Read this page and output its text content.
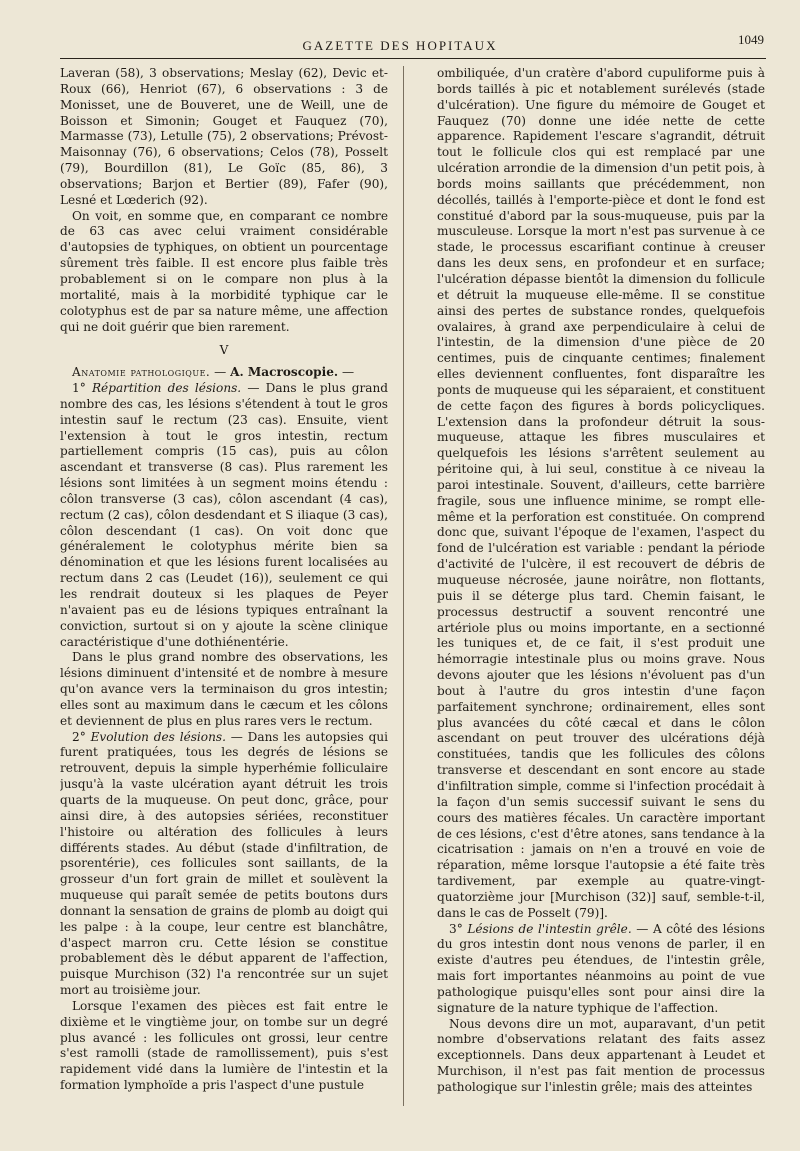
GAZETTE DES HOPITAUX	1049

Laveran (58), 3 observations; Meslay (62), Devic et-Roux (66), Henriot (67), 6 observations : 3 de Monisset, une de Bouveret, une de Weill, une de Boisson et Simonin; Gouget et Fauquez (70), Marmasse (73), Letulle (75), 2 observations; Prévost-Maisonnay (76), 6 observations; Celos (78), Posselt (79), Bourdillon (81), Le Goïc (85, 86), 3 observations; Barjon et Bertier (89), Fafer (90), Lesné et Lœderich (92).

On voit, en somme que, en comparant ce nombre de 63 cas avec celui vraiment considérable d'autopsies de typhiques, on obtient un pourcentage sûrement très faible. Il est encore plus faible très probablement si on le compare non plus à la mortalité, mais à la morbidité typhique car le colotyphus est de par sa nature même, une affection qui ne doit guérir que bien rarement.

V

Anatomie pathologique. — A. Macroscopie. —

1° Répartition des lésions. — Dans le plus grand nombre des cas, les lésions s'étendent à tout le gros intestin sauf le rectum (23 cas). Ensuite, vient l'extension à tout le gros intestin, rectum partiellement compris (15 cas), puis au côlon ascendant et transverse (8 cas). Plus rarement les lésions sont limitées à un segment moins étendu : côlon transverse (3 cas), côlon ascendant (4 cas), rectum (2 cas), côlon desdendant et S iliaque (3 cas), côlon descendant (1 cas). On voit donc que généralement le colotyphus mérite bien sa dénomination et que les lésions furent localisées au rectum dans 2 cas (Leudet (16)), seulement ce qui les rendrait douteux si les plaques de Peyer n'avaient pas eu de lésions typiques entraînant la conviction, surtout si on y ajoute la scène clinique caractéristique d'une dothiénentérie.

Dans le plus grand nombre des observations, les lésions diminuent d'intensité et de nombre à mesure qu'on avance vers la terminaison du gros intestin; elles sont au maximum dans le cæcum et les côlons et deviennent de plus en plus rares vers le rectum.

2° Evolution des lésions. — Dans les autopsies qui furent pratiquées, tous les degrés de lésions se retrouvent, depuis la simple hyperhémie folliculaire jusqu'à la vaste ulcération ayant détruit les trois quarts de la muqueuse. On peut donc, grâce, pour ainsi dire, à des autopsies sériées, reconstituer l'histoire ou altération des follicules à leurs différents stades. Au début (stade d'infiltration, de psorentérie), ces follicules sont saillants, de la grosseur d'un fort grain de millet et soulèvent la muqueuse qui paraît semée de petits boutons durs donnant la sensation de grains de plomb au doigt qui les palpe : à la coupe, leur centre est blanchâtre, d'aspect marron cru. Cette lésion se constitue probablement dès le début apparent de l'affection, puisque Murchison (32) l'a rencontrée sur un sujet mort au troisième jour.

Lorsque l'examen des pièces est fait entre le dixième et le vingtième jour, on tombe sur un degré plus avancé : les follicules ont grossi, leur centre s'est ramolli (stade de ramollissement), puis s'est rapidement vidé dans la lumière de l'intestin et la formation lymphoïde a pris l'aspect d'une pustule

ombiliquée, d'un cratère d'abord cupuliforme puis à bords taillés à pic et notablement surélevés (stade d'ulcération). Une figure du mémoire de Gouget et Fauquez (70) donne une idée nette de cette apparence. Rapidement l'escare s'agrandit, détruit tout le follicule clos qui est remplacé par une ulcération arrondie de la dimension d'un petit pois, à bords moins saillants que précédemment, non décollés, taillés à l'emporte-pièce et dont le fond est constitué d'abord par la sous-muqueuse, puis par la musculeuse. Lorsque la mort n'est pas survenue à ce stade, le processus escarifiant continue à creuser dans les deux sens, en profondeur et en surface; l'ulcération dépasse bientôt la dimension du follicule et détruit la muqueuse elle-même. Il se constitue ainsi des pertes de substance rondes, quelquefois ovalaires, à grand axe perpendiculaire à celui de l'intestin, de la dimension d'une pièce de 20 centimes, puis de cinquante centimes; finalement elles deviennent confluentes, font disparaître les ponts de muqueuse qui les séparaient, et constituent de cette façon des figures à bords policycliques. L'extension dans la profondeur détruit la sous-muqueuse, attaque les fibres musculaires et quelquefois les lésions s'arrêtent seulement au péritoine qui, à lui seul, constitue à ce niveau la paroi intestinale. Souvent, d'ailleurs, cette barrière fragile, sous une influence minime, se rompt elle-même et la perforation est constituée. On comprend donc que, suivant l'époque de l'examen, l'aspect du fond de l'ulcération est variable : pendant la période d'activité de l'ulcère, il est recouvert de débris de muqueuse nécrosée, jaune noirâtre, non flottants, puis il se déterge plus tard. Chemin faisant, le processus destructif a souvent rencontré une artériole plus ou moins importante, en a sectionné les tuniques et, de ce fait, il s'est produit une hémorragie intestinale plus ou moins grave. Nous devons ajouter que les lésions n'évoluent pas d'un bout à l'autre du gros intestin d'une façon parfaitement synchrone; ordinairement, elles sont plus avancées du côté cæcal et dans le côlon ascendant on peut trouver des ulcérations déjà constituées, tandis que les follicules des côlons transverse et descendant en sont encore au stade d'infiltration simple, comme si l'infection procédait à la façon d'un semis successif suivant le sens du cours des matières fécales. Un caractère important de ces lésions, c'est d'être atones, sans tendance à la cicatrisation : jamais on n'en a trouvé en voie de réparation, même lorsque l'autopsie a été faite très tardivement, par exemple au quatre-vingt-quatorzième jour [Murchison (32)] sauf, semble-t-il, dans le cas de Posselt (79)].

3° Lésions de l'intestin grêle. — A côté des lésions du gros intestin dont nous venons de parler, il en existe d'autres peu étendues, de l'intestin grêle, mais fort importantes néanmoins au point de vue pathologique puisqu'elles sont pour ainsi dire la signature de la nature typhique de l'affection.

Nous devons dire un mot, auparavant, d'un petit nombre d'observations relatant des faits assez exceptionnels. Dans deux appartenant à Leudet et Murchison, il n'est pas fait mention de processus pathologique sur l'inlestin grêle; mais des atteintes
